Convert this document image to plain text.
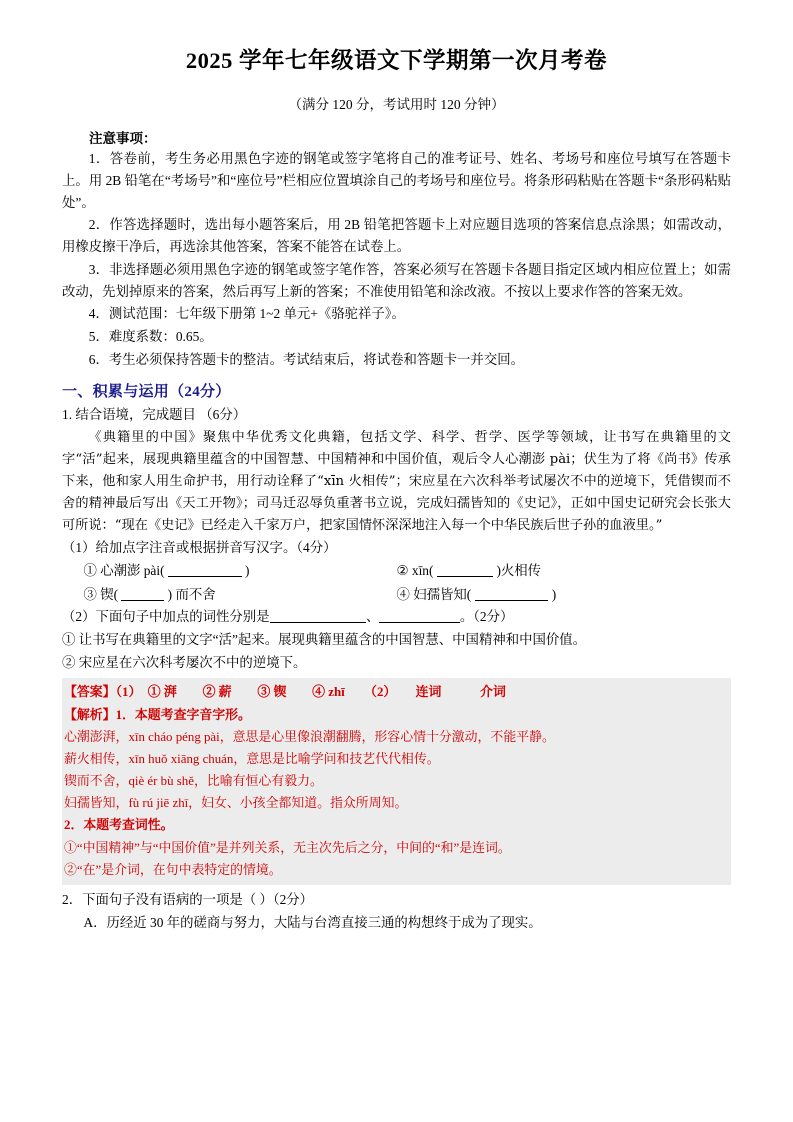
2025 学年七年级语文下学期第一次月考卷
（满分 120 分，考试用时 120 分钟）
注意事项：

1．答卷前，考生务必用黑色字迹的钢笔或签字笔将自己的准考证号、姓名、考场号和座位号填写在答题卡上。用 2B 铅笔在“考场号”和“座位号”栏相应位置填涂自己的考场号和座位号。将条形码粘贴在答题卡“条形码粘贴处”。

2．作答选择题时，选出每小题答案后，用 2B 铅笔把答题卡上对应题目选项的答案信息点涂黑；如需改动，用橡皮擦干净后，再选涂其他答案，答案不能答在试卷上。

3．非选择题必须用黑色字迹的钢笔或签字笔作答，答案必须写在答题卡各题目指定区域内相应位置上；如需改动，先划掉原来的答案，然后再写上新的答案；不准使用铅笔和涂改液。不按以上要求作答的答案无效。

4．测试范围：七年级下册第 1~2 单元+《骆驼祥子》。

5．难度系数：0.65。

6．考生必须保持答题卡的整洁。考试结束后，将试卷和答题卡一并交回。

一、积累与运用（24分）
1. 结合语境，完成题目 （6分）

《典籍里的中国》聚焦中华优秀文化典籍，包括文学、科学、哲学、医学等领域，让书写在典籍里的文字“活”起来，展现典籍里蕴含的中国智慧、中国精神和中国价值，观后令人心潮澎 pài；伏生为了将《尚书》传承下来，他和家人用生命护书，用行动诠释了“xīn 火相传”；宋应星在六次科举考试屡次不中的逆境下，凭借锲而不舍的精神最后写出《天工开物》；司马迁忍辱负重著书立说，完成妇孺皆知的《史记》，正如中国史记研究会长张大可所说：“现在《史记》已经走入千家万户，把家国情怀深深地注入每一个中华民族后世子孙的血液里。”

（1）给加点字注音或根据拼音写汉字。（4分）
① 心潮澎 pài(	)	② xīn(	)火相传
③ 锲(	) 而不舍	④ 妇孺皆知(	)
（2）下面句子中加点的词性分别是	、	。（2分）
① 让书写在典籍里的文字“活”起来。展现典籍里蕴含的中国智慧、中国精神和中国价值。
② 宋应星在六次科考屡次不中的逆境下。

【答案】（1）　① 湃　　② 薪　　③ 锲　　④ zhī　　（2）　　连词　　　介词

【解析】1．本题考查字音字形。

心潮澎湃，xīn cháo péng pài，意思是心里像浪潮翻腾，形容心情十分激动，不能平静。

薪火相传，xīn huǒ xiāng chuán，意思是比喻学问和技艺代代相传。

锲而不舍，qiè ér bù shě，比喻有恒心有毅力。

妇孺皆知，fù rú jiē zhī，妇女、小孩全都知道。指众所周知。

2．本题考查词性。

①“中国精神”与“中国价值”是并列关系，无主次先后之分，中间的“和”是连词。

②“在”是介词，在句中表特定的情境。

2．下面句子没有语病的一项是（ ）（2分）
A．历经近 30 年的磋商与努力，大陆与台湾直接三通的构想终于成为了现实。
